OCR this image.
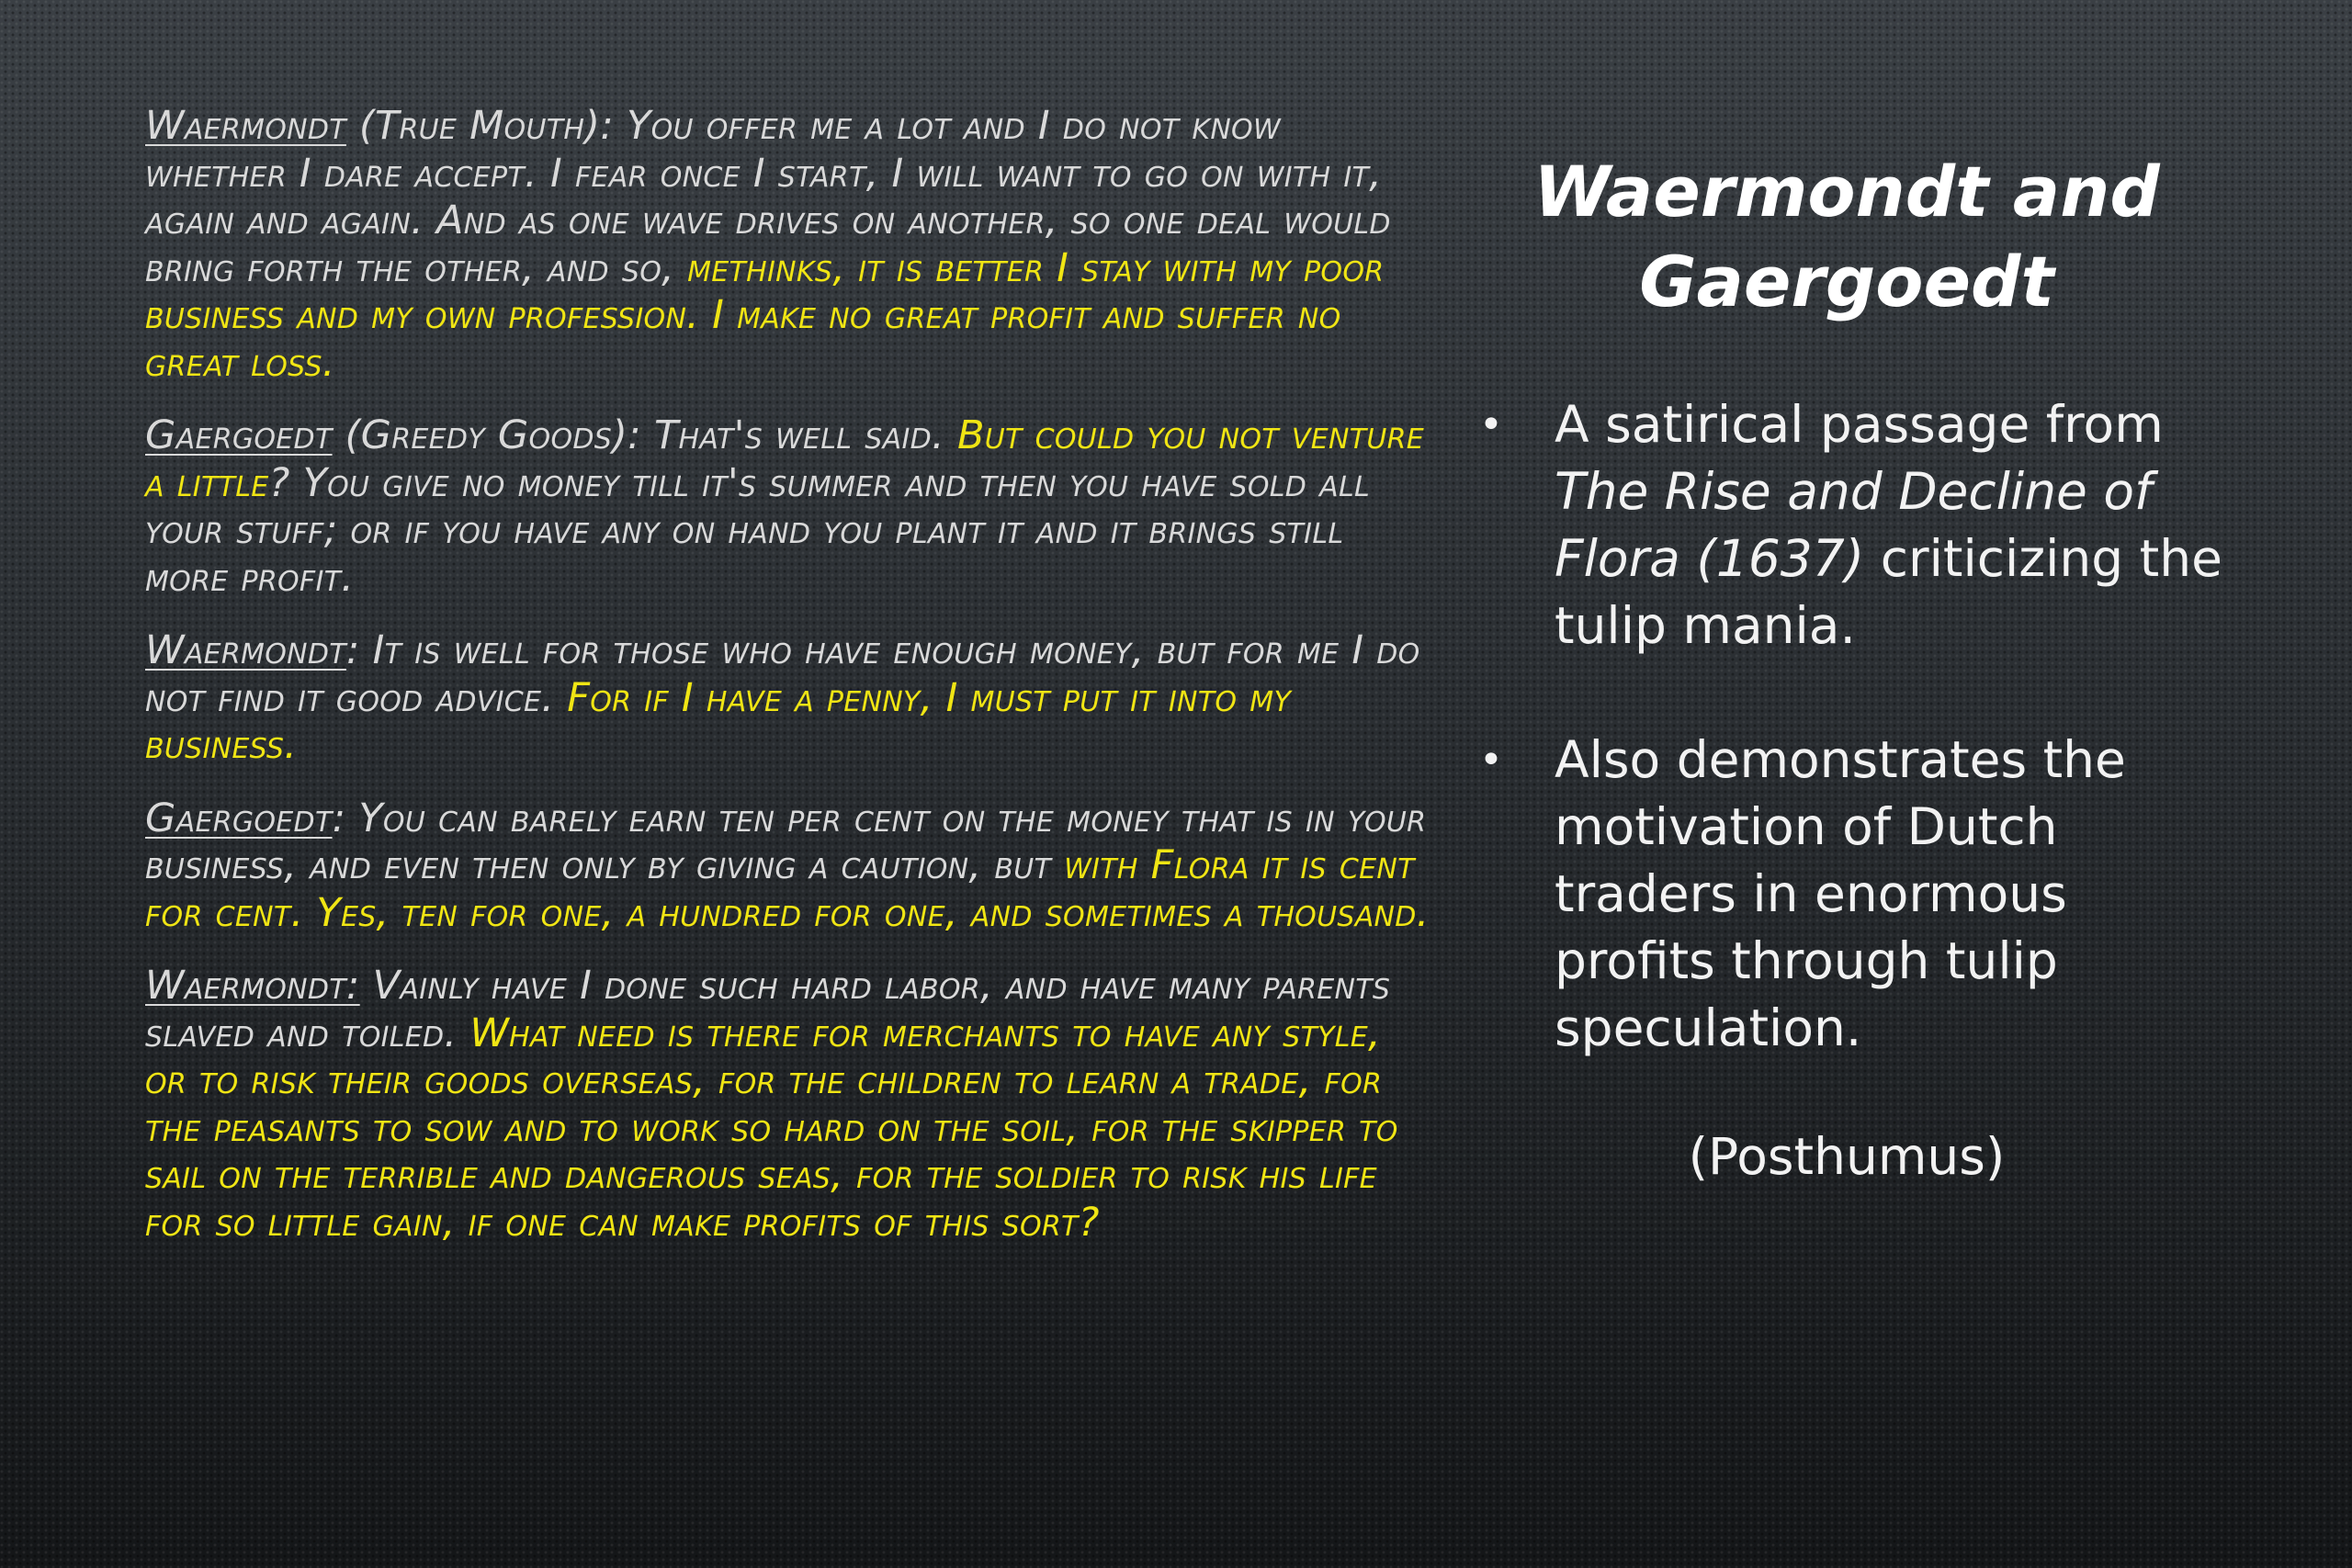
Waermondt (True Mouth): You offer me a lot and I do not know whether I dare accept. I fear once I start, I will want to go on with it, again and again. And as one wave drives on another, so one deal would bring forth the other, and so, methinks, it is better I stay with my poor business and my own profession. I make no great profit and suffer no great loss.

Gaergoedt (Greedy Goods): That's well said. But could you not venture a little? You give no money till it's summer and then you have sold all your stuff; or if you have any on hand you plant it and it brings still more profit.

Waermondt: It is well for those who have enough money, but for me I do not find it good advice. For if I have a penny, I must put it into my business.

Gaergoedt: You can barely earn ten per cent on the money that is in your business, and even then only by giving a caution, but with Flora it is cent for cent. Yes, ten for one, a hundred for one, and sometimes a thousand.

Waermondt: Vainly have I done such hard labor, and have many parents slaved and toiled. What need is there for merchants to have any style, or to risk their goods overseas, for the children to learn a trade, for the peasants to sow and to work so hard on the soil, for the skipper to sail on the terrible and dangerous seas, for the soldier to risk his life for so little gain, if one can make profits of this sort?

Waermondt and
Gaergoedt
• A satirical passage from The Rise and Decline of Flora (1637) criticizing the tulip mania.
• Also demonstrates the motivation of Dutch traders in enormous profits through tulip speculation.
(Posthumus)
